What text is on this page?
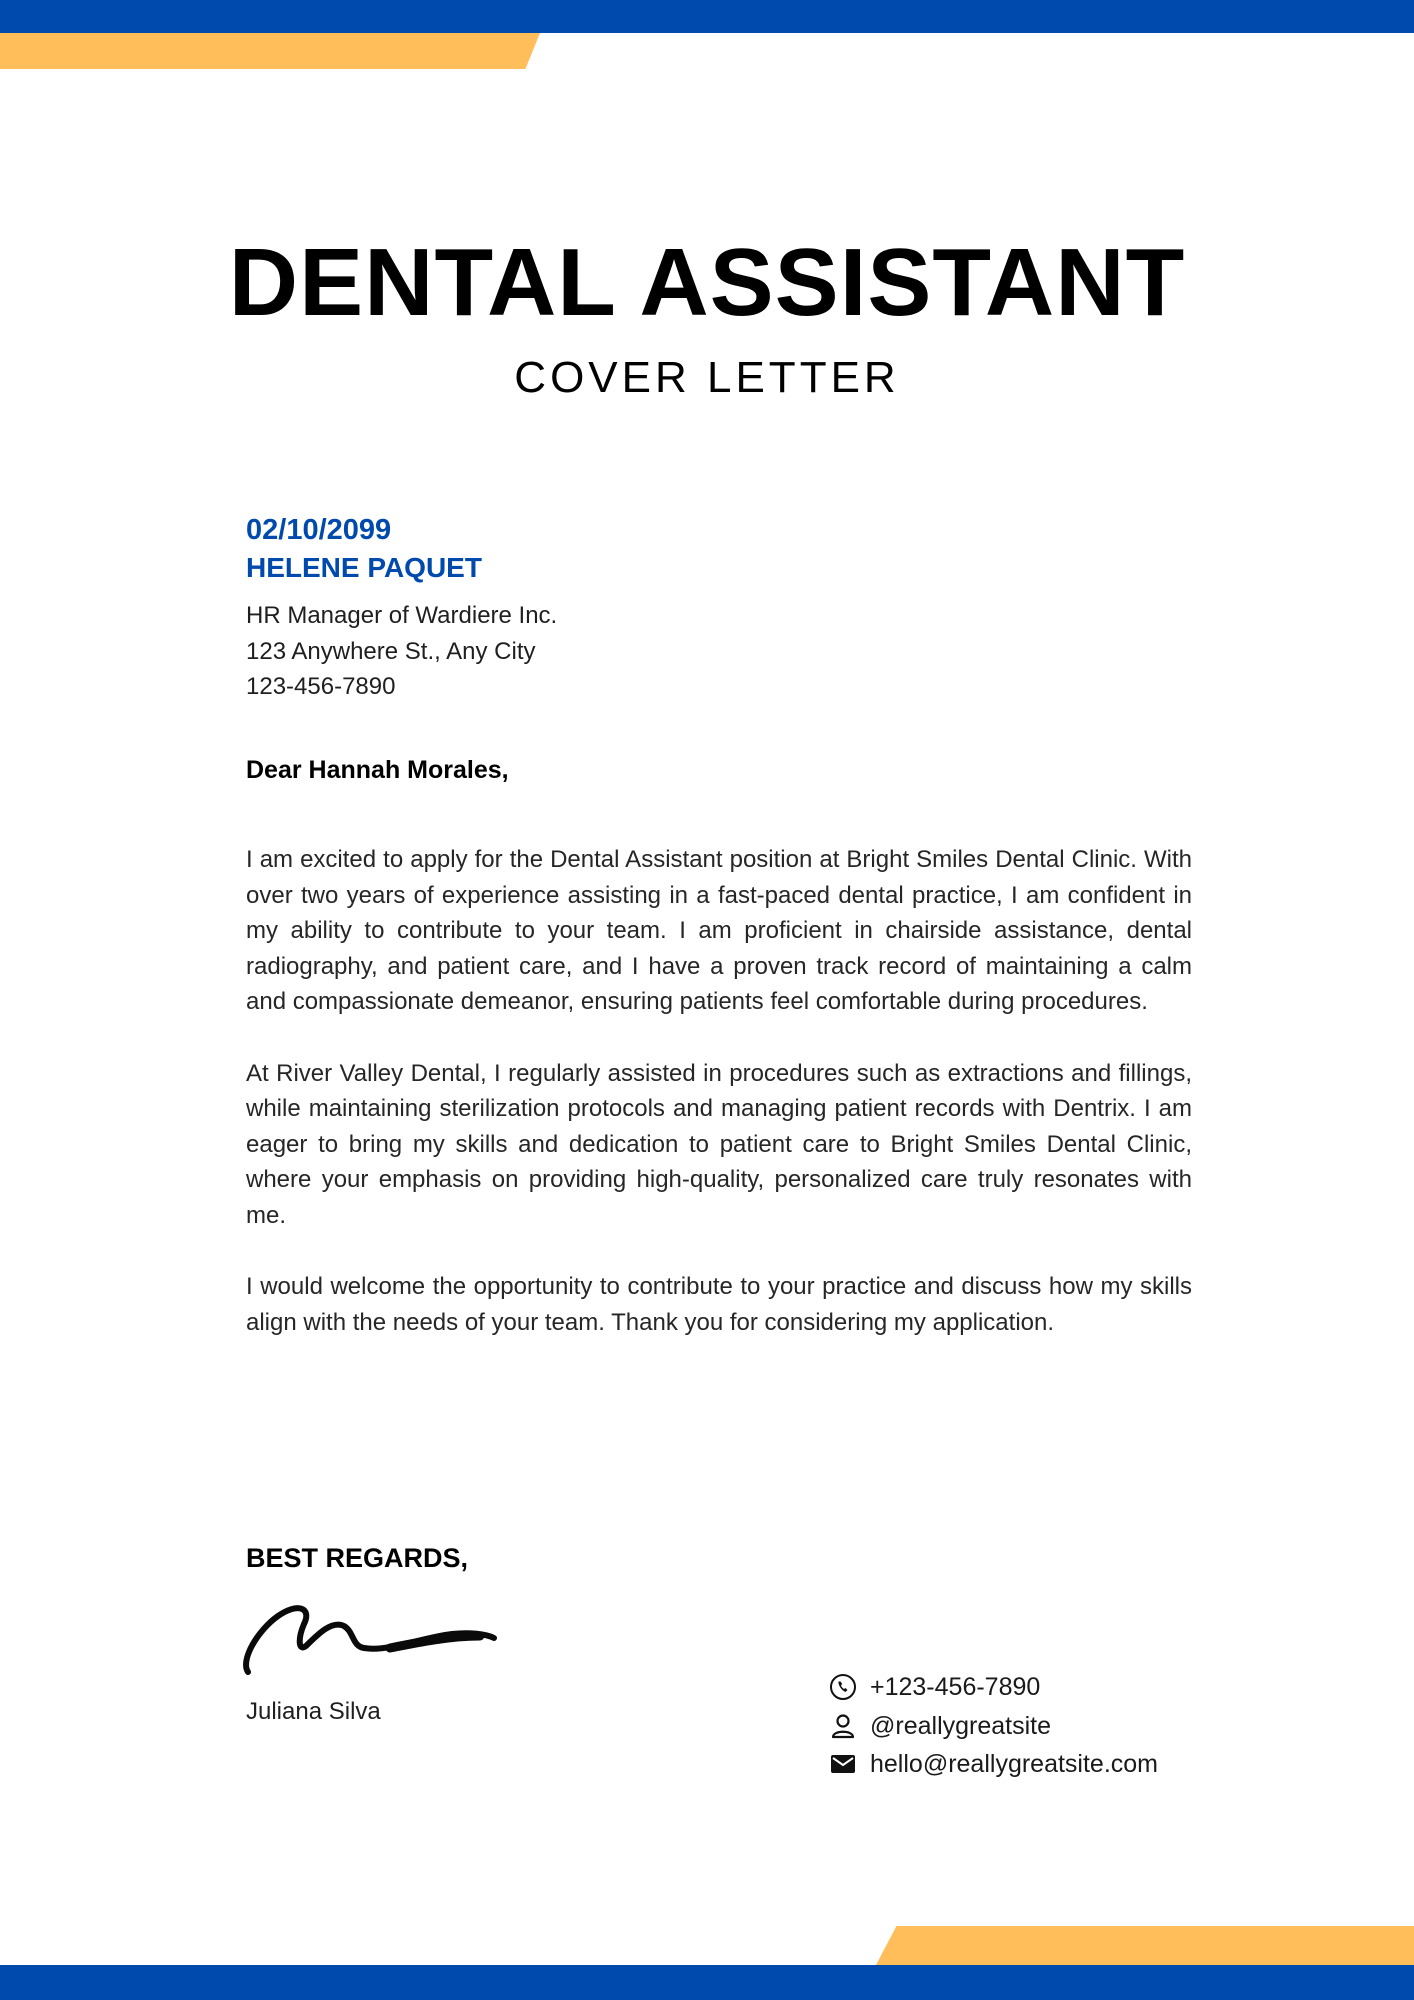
DENTAL ASSISTANT
COVER LETTER

02/10/2099

HELENE PAQUET

HR Manager of Wardiere Inc.
123 Anywhere St., Any City
123-456-7890

Dear Hannah Morales,

I am excited to apply for the Dental Assistant position at Bright Smiles Dental Clinic. With over two years of experience assisting in a fast-paced dental practice, I am confident in my ability to contribute to your team. I am proficient in chairside assistance, dental radiography, and patient care, and I have a proven track record of maintaining a calm and compassionate demeanor, ensuring patients feel comfortable during procedures.

At River Valley Dental, I regularly assisted in procedures such as extractions and fillings, while maintaining sterilization protocols and managing patient records with Dentrix. I am eager to bring my skills and dedication to patient care to Bright Smiles Dental Clinic, where your emphasis on providing high-quality, personalized care truly resonates with me.

I would welcome the opportunity to contribute to your practice and discuss how my skills align with the needs of your team. Thank you for considering my application.

BEST REGARDS,

Juliana Silva

+123-456-7890
@reallygreatsite
hello@reallygreatsite.com
